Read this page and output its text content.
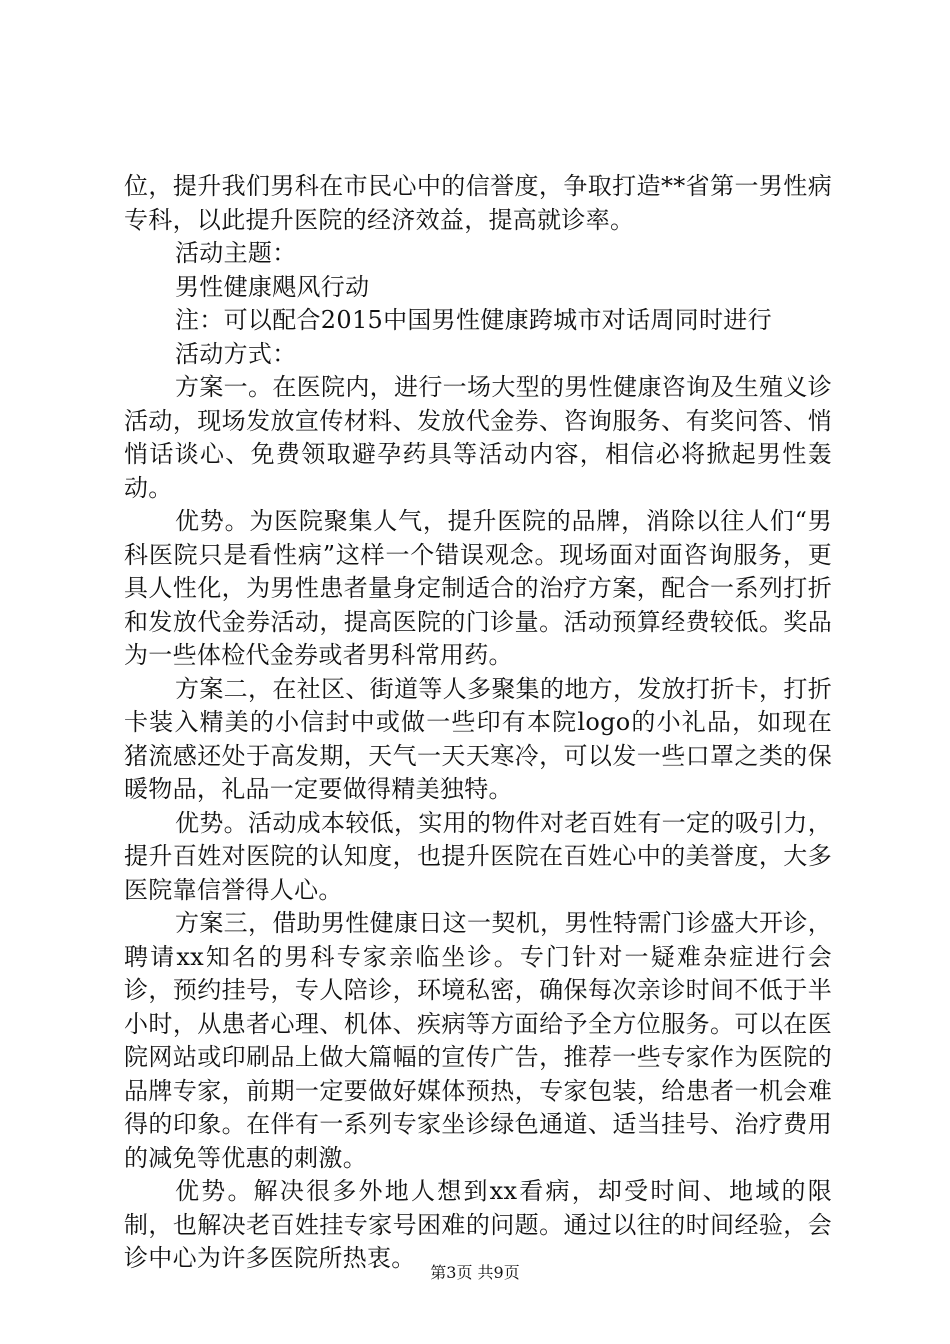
位，提升我们男科在市民心中的信誉度，争取打造**省第一男性病专科，以此提升医院的经济效益，提高就诊率。

活动主题：

男性健康飓风行动

注：可以配合2015中国男性健康跨城市对话周同时进行

活动方式：

方案一。在医院内，进行一场大型的男性健康咨询及生殖义诊活动，现场发放宣传材料、发放代金券、咨询服务、有奖问答、悄悄话谈心、免费领取避孕药具等活动内容，相信必将掀起男性轰动。

优势。为医院聚集人气，提升医院的品牌，消除以往人们“男科医院只是看性病”这样一个错误观念。现场面对面咨询服务，更具人性化，为男性患者量身定制适合的治疗方案，配合一系列打折和发放代金券活动，提高医院的门诊量。活动预算经费较低。奖品为一些体检代金券或者男科常用药。

方案二，在社区、街道等人多聚集的地方，发放打折卡，打折卡装入精美的小信封中或做一些印有本院logo的小礼品，如现在猪流感还处于高发期，天气一天天寒冷，可以发一些口罩之类的保暖物品，礼品一定要做得精美独特。

优势。活动成本较低，实用的物件对老百姓有一定的吸引力，提升百姓对医院的认知度，也提升医院在百姓心中的美誉度，大多医院靠信誉得人心。

方案三，借助男性健康日这一契机，男性特需门诊盛大开诊，聘请xx知名的男科专家亲临坐诊。专门针对一疑难杂症进行会诊，预约挂号，专人陪诊，环境私密，确保每次亲诊时间不低于半小时，从患者心理、机体、疾病等方面给予全方位服务。可以在医院网站或印刷品上做大篇幅的宣传广告，推荐一些专家作为医院的品牌专家，前期一定要做好媒体预热，专家包装，给患者一机会难得的印象。在伴有一系列专家坐诊绿色通道、适当挂号、治疗费用的减免等优惠的刺激。

优势。解决很多外地人想到xx看病，却受时间、地域的限制，也解决老百姓挂专家号困难的问题。通过以往的时间经验，会诊中心为许多医院所热衷。

第3页 共9页
